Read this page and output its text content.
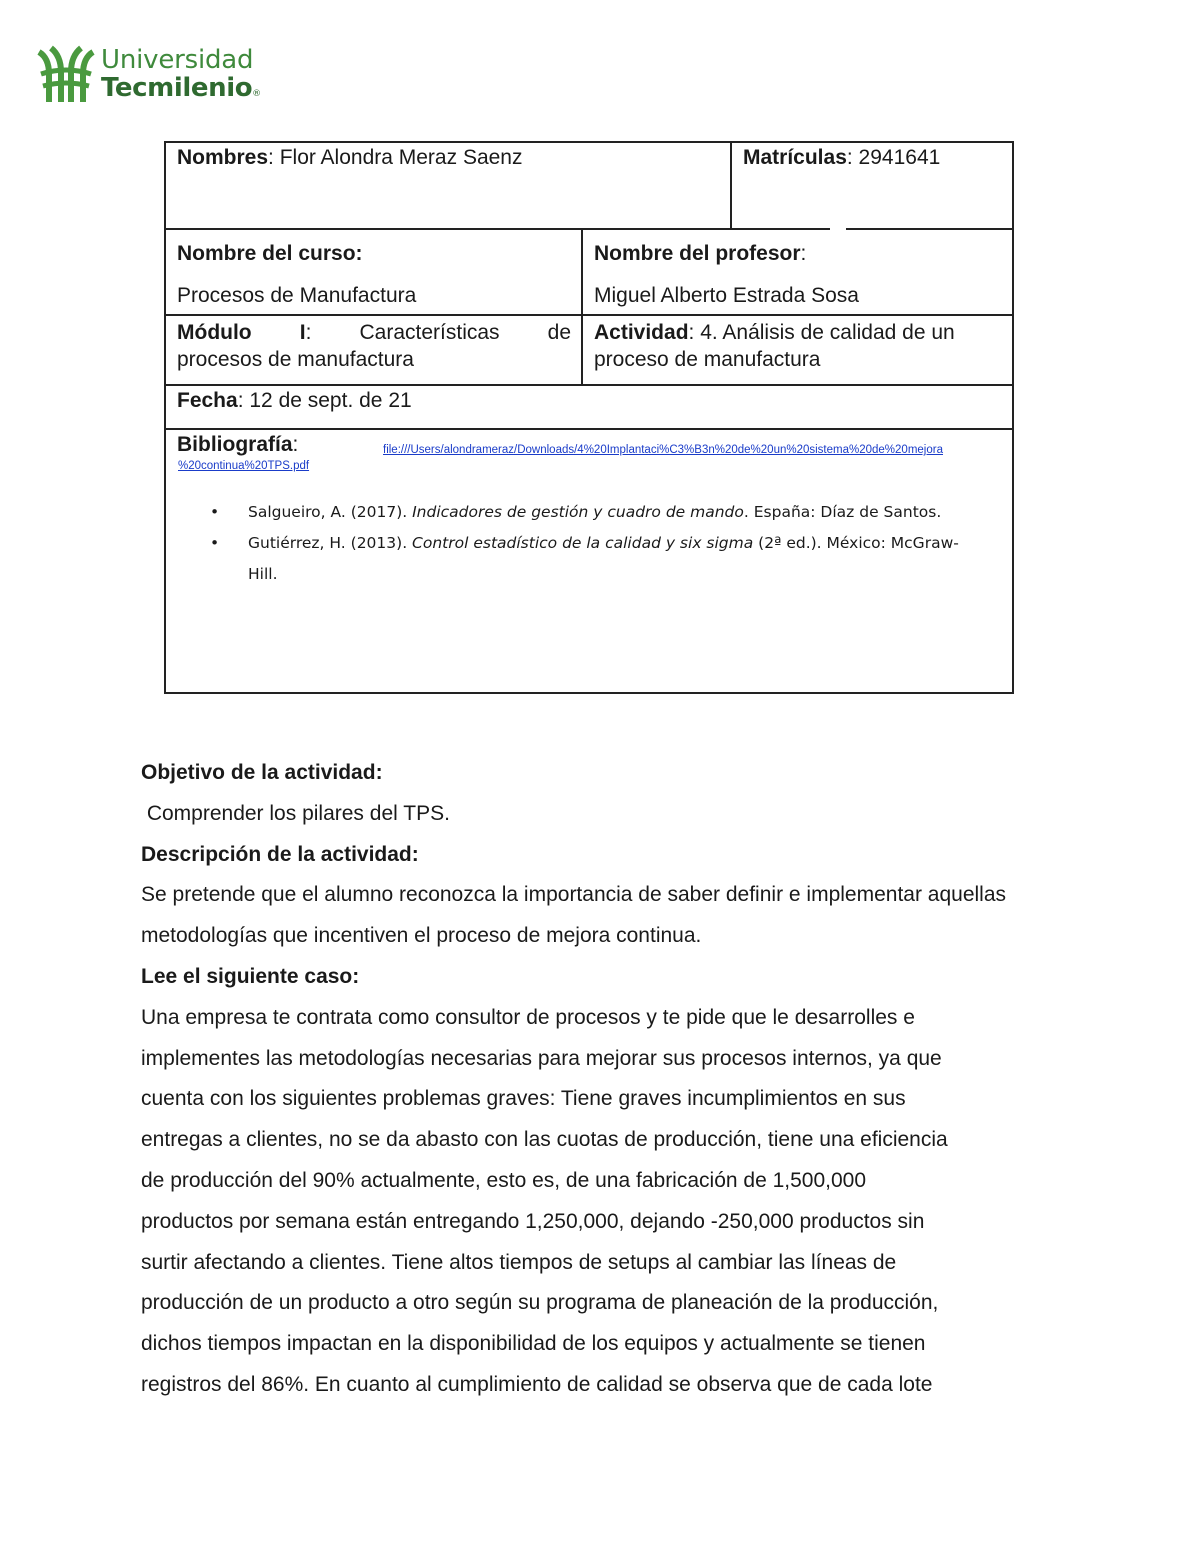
Universidad
Tecmilenio®
Nombres: Flor Alondra Meraz Saenz	Matrículas: 2941641
Nombre del curso:
Procesos de Manufactura
Nombre del profesor:
Miguel Alberto Estrada Sosa
Módulo I: Características de
procesos de manufactura
Actividad: 4. Análisis de calidad de un
proceso de manufactura
Fecha: 12 de sept. de 21
Bibliografía:	file:///Users/alondrameraz/Downloads/4%20Implantaci%C3%B3n%20de%20un%20sistema%20de%20mejora
%20continua%20TPS.pdf
• Salgueiro, A. (2017). Indicadores de gestión y cuadro de mando. España: Díaz de Santos.
• Gutiérrez, H. (2013). Control estadístico de la calidad y six sigma (2ª ed.). México: McGraw-Hill.

Objetivo de la actividad:

Comprender los pilares del TPS.

Descripción de la actividad:

Se pretende que el alumno reconozca la importancia de saber definir e implementar aquellas metodologías que incentiven el proceso de mejora continua.

Lee el siguiente caso:

Una empresa te contrata como consultor de procesos y te pide que le desarrolles e

implementes las metodologías necesarias para mejorar sus procesos internos, ya que

cuenta con los siguientes problemas graves: Tiene graves incumplimientos en sus

entregas a clientes, no se da abasto con las cuotas de producción, tiene una eficiencia

de producción del 90% actualmente, esto es, de una fabricación de 1,500,000

productos por semana están entregando 1,250,000, dejando -250,000 productos sin

surtir afectando a clientes. Tiene altos tiempos de setups al cambiar las líneas de

producción de un producto a otro según su programa de planeación de la producción,

dichos tiempos impactan en la disponibilidad de los equipos y actualmente se tienen

registros del 86%. En cuanto al cumplimiento de calidad se observa que de cada lote
